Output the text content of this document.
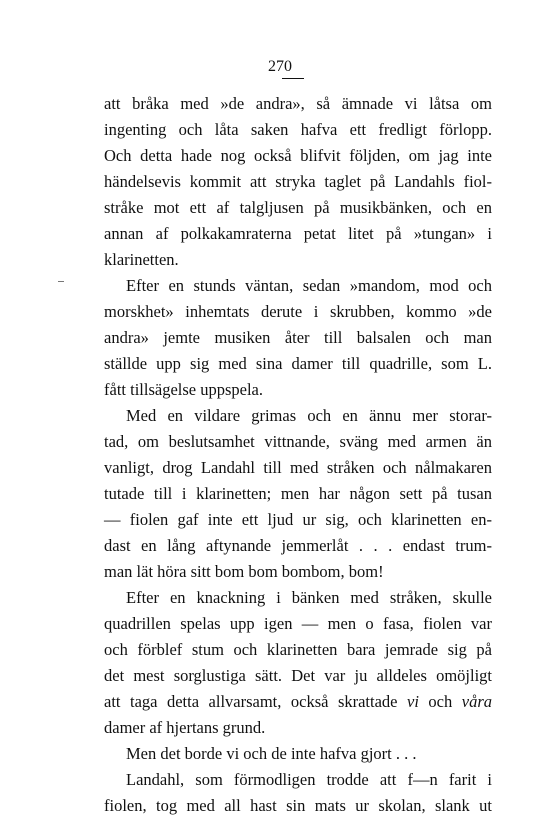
270
att bråka med »de andra», så ämnade vi låtsa om
ingenting och låta saken hafva ett fredligt förlopp.
Och detta hade nog också blifvit följden, om jag inte
händelsevis kommit att stryka taglet på Landahls fiol-
stråke mot ett af talgljusen på musikbänken, och en
annan af polkakamraterna petat litet på »tungan» i
klarinetten.
Efter en stunds väntan, sedan »mandom, mod och
morskhet» inhemtats derute i skrubben, kommo »de
andra» jemte musiken åter till balsalen och man
ställde upp sig med sina damer till quadrille, som L.
fått tillsägelse uppspela.
Med en vildare grimas och en ännu mer storar-
tad, om beslutsamhet vittnande, sväng med armen än
vanligt, drog Landahl till med stråken och nålmakaren
tutade till i klarinetten; men har någon sett på tusan
— fiolen gaf inte ett ljud ur sig, och klarinetten en-
dast en lång aftynande jemmerlåt . . . endast trum-
man lät höra sitt bom bom bombom, bom!
Efter en knackning i bänken med stråken, skulle
quadrillen spelas upp igen — men o fasa, fiolen var
och förblef stum och klarinetten bara jemrade sig på
det mest sorglustiga sätt. Det var ju alldeles omöjligt
att taga detta allvarsamt, också skrattade vi och våra
damer af hjertans grund.
Men det borde vi och de inte hafva gjort . . .
Landahl, som förmodligen trodde att f—n farit i
fiolen, tog med all hast sin mats ur skolan, slank ut
